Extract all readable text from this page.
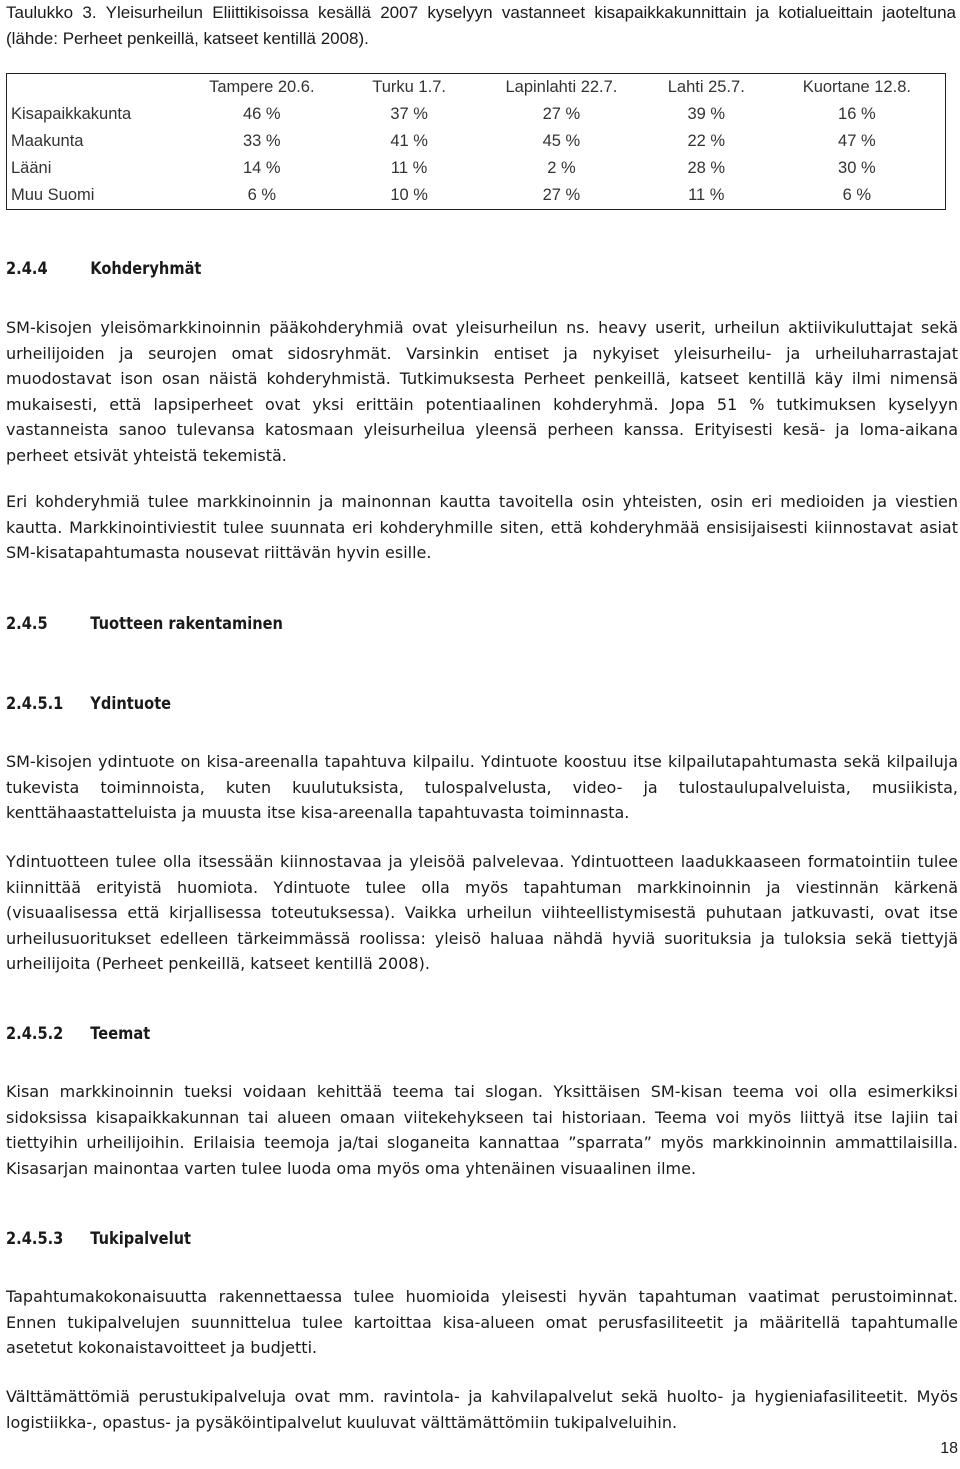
Taulukko 3. Yleisurheilun Eliittikisoissa kesällä 2007 kyselyyn vastanneet kisapaikkakunnittain ja kotialueittain jaoteltuna (lähde: Perheet penkeillä, katseet kentillä 2008).
	Tampere 20.6.	Turku 1.7.	Lapinlahti 22.7.	Lahti 25.7.	Kuortane 12.8.
Kisapaikkakunta	46 %	37 %	27 %	39 %	16 %
Maakunta	33 %	41 %	45 %	22 %	47 %
Lääni	14 %	11 %	2 %	28 %	30 %
Muu Suomi	6 %	10 %	27 %	11 %	6 %
2.4.4	Kohderyhmät

SM-kisojen yleisömarkkinoinnin pääkohderyhmiä ovat yleisurheilun ns. heavy userit, urheilun aktiivikuluttajat sekä urheilijoiden ja seurojen omat sidosryhmät. Varsinkin entiset ja nykyiset yleisurheilu- ja urheiluharrastajat muodostavat ison osan näistä kohderyhmistä. Tutkimuksesta Perheet penkeillä, katseet kentillä käy ilmi nimensä mukaisesti, että lapsiperheet ovat yksi erittäin potentiaalinen kohderyhmä. Jopa 51 % tutkimuksen kyselyyn vastanneista sanoo tulevansa katosmaan yleisurheilua yleensä perheen kanssa. Erityisesti kesä- ja loma-aikana perheet etsivät yhteistä tekemistä.

Eri kohderyhmiä tulee markkinoinnin ja mainonnan kautta tavoitella osin yhteisten, osin eri medioiden ja viestien kautta. Markkinointiviestit tulee suunnata eri kohderyhmille siten, että kohderyhmää ensisijaisesti kiinnostavat asiat SM-kisatapahtumasta nousevat riittävän hyvin esille.

2.4.5	Tuotteen rakentaminen
2.4.5.1 Ydintuote

SM-kisojen ydintuote on kisa-areenalla tapahtuva kilpailu. Ydintuote koostuu itse kilpailutapahtumasta sekä kilpailuja tukevista toiminnoista, kuten kuulutuksista, tulospalvelusta, video- ja tulostaulupalveluista, musiikista, kenttähaastatteluista ja muusta itse kisa-areenalla tapahtuvasta toiminnasta.

Ydintuotteen tulee olla itsessään kiinnostavaa ja yleisöä palvelevaa. Ydintuotteen laadukkaaseen formatointiin tulee kiinnittää erityistä huomiota. Ydintuote tulee olla myös tapahtuman markkinoinnin ja viestinnän kärkenä (visuaalisessa että kirjallisessa toteutuksessa). Vaikka urheilun viihteellistymisestä puhutaan jatkuvasti, ovat itse urheilusuoritukset edelleen tärkeimmässä roolissa: yleisö haluaa nähdä hyviä suorituksia ja tuloksia sekä tiettyjä urheilijoita (Perheet penkeillä, katseet kentillä 2008).

2.4.5.2 Teemat

Kisan markkinoinnin tueksi voidaan kehittää teema tai slogan. Yksittäisen SM-kisan teema voi olla esimerkiksi sidoksissa kisapaikkakunnan tai alueen omaan viitekehykseen tai historiaan. Teema voi myös liittyä itse lajiin tai tiettyihin urheilijoihin. Erilaisia teemoja ja/tai sloganeita kannattaa ”sparrata” myös markkinoinnin ammattilaisilla. Kisasarjan mainontaa varten tulee luoda oma myös oma yhtenäinen visuaalinen ilme.

2.4.5.3 Tukipalvelut

Tapahtumakokonaisuutta rakennettaessa tulee huomioida yleisesti hyvän tapahtuman vaatimat perustoiminnat. Ennen tukipalvelujen suunnittelua tulee kartoittaa kisa-alueen omat perusfasiliteetit ja määritellä tapahtumalle asetetut kokonaistavoitteet ja budjetti.

Välttämättömiä perustukipalveluja ovat mm. ravintola- ja kahvilapalvelut sekä huolto- ja hygieniafasiliteetit. Myös logistiikka-, opastus- ja pysäköintipalvelut kuuluvat välttämättömiin tukipalveluihin.

18
